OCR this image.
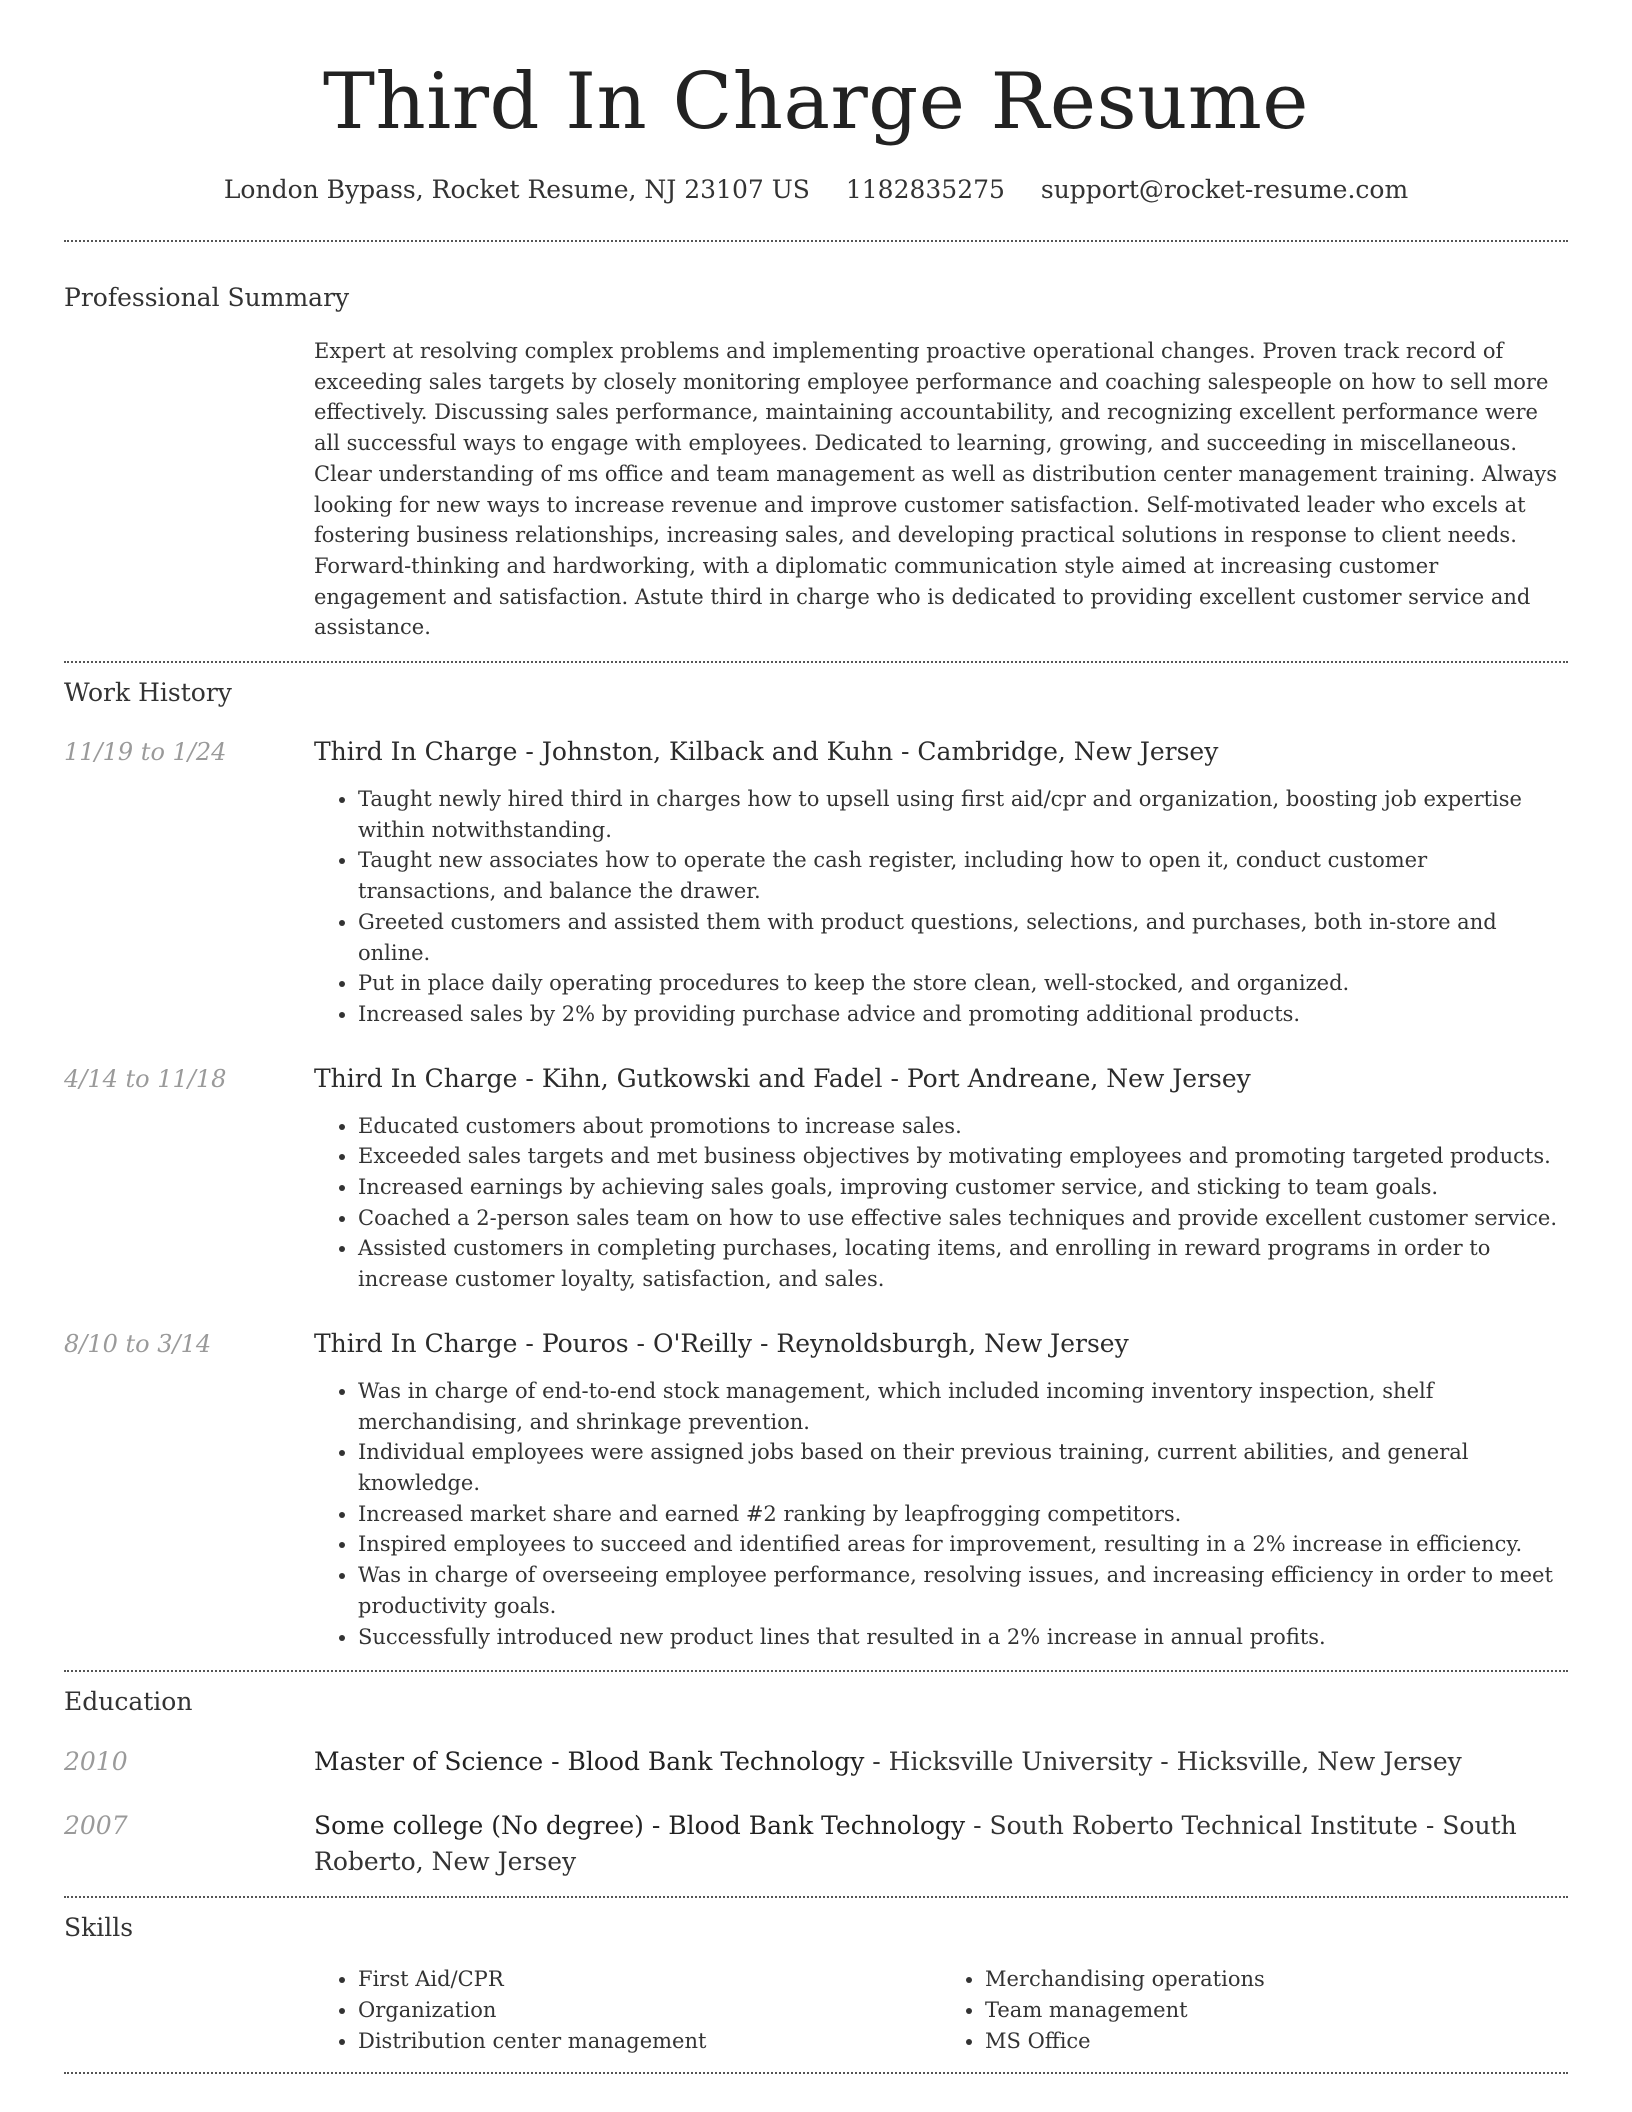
Third In Charge Resume
London Bypass, Rocket Resume, NJ 23107 US 1182835275 support@rocket-resume.com
Professional Summary
Expert at resolving complex problems and implementing proactive operational changes. Proven track record of exceeding sales targets by closely monitoring employee performance and coaching salespeople on how to sell more effectively. Discussing sales performance, maintaining accountability, and recognizing excellent performance were all successful ways to engage with employees. Dedicated to learning, growing, and succeeding in miscellaneous. Clear understanding of ms office and team management as well as distribution center management training. Always looking for new ways to increase revenue and improve customer satisfaction. Self-motivated leader who excels at fostering business relationships, increasing sales, and developing practical solutions in response to client needs. Forward-thinking and hardworking, with a diplomatic communication style aimed at increasing customer engagement and satisfaction. Astute third in charge who is dedicated to providing excellent customer service and assistance.
Work History
11/19 to 1/24	Third In Charge - Johnston, Kilback and Kuhn - Cambridge, New Jersey
• Taught newly hired third in charges how to upsell using first aid/cpr and organization, boosting job expertise within notwithstanding.
• Taught new associates how to operate the cash register, including how to open it, conduct customer transactions, and balance the drawer.
• Greeted customers and assisted them with product questions, selections, and purchases, both in-store and online.
• Put in place daily operating procedures to keep the store clean, well-stocked, and organized.
• Increased sales by 2% by providing purchase advice and promoting additional products.
4/14 to 11/18	Third In Charge - Kihn, Gutkowski and Fadel - Port Andreane, New Jersey
• Educated customers about promotions to increase sales.
• Exceeded sales targets and met business objectives by motivating employees and promoting targeted products.
• Increased earnings by achieving sales goals, improving customer service, and sticking to team goals.
• Coached a 2-person sales team on how to use effective sales techniques and provide excellent customer service.
• Assisted customers in completing purchases, locating items, and enrolling in reward programs in order to increase customer loyalty, satisfaction, and sales.
8/10 to 3/14	Third In Charge - Pouros - O'Reilly - Reynoldsburgh, New Jersey
• Was in charge of end-to-end stock management, which included incoming inventory inspection, shelf merchandising, and shrinkage prevention.
• Individual employees were assigned jobs based on their previous training, current abilities, and general knowledge.
• Increased market share and earned #2 ranking by leapfrogging competitors.
• Inspired employees to succeed and identified areas for improvement, resulting in a 2% increase in efficiency.
• Was in charge of overseeing employee performance, resolving issues, and increasing efficiency in order to meet productivity goals.
• Successfully introduced new product lines that resulted in a 2% increase in annual profits.
Education
2010	Master of Science - Blood Bank Technology - Hicksville University - Hicksville, New Jersey
2007	Some college (No degree) - Blood Bank Technology - South Roberto Technical Institute - South Roberto, New Jersey
Skills
• First Aid/CPR
• Organization
• Distribution center management
• Merchandising operations
• Team management
• MS Office
